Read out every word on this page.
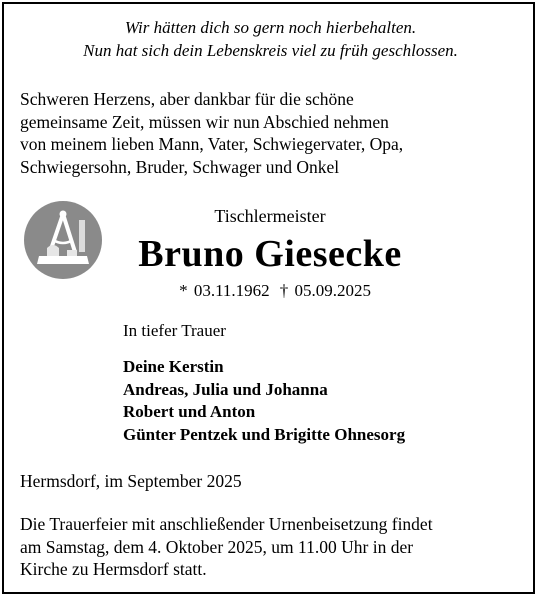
Wir hätten dich so gern noch hierbehalten.
Nun hat sich dein Lebenskreis viel zu früh geschlossen.
Schweren Herzens, aber dankbar für die schöne
gemeinsame Zeit, müssen wir nun Abschied nehmen
von meinem lieben Mann, Vater, Schwiegervater, Opa,
Schwiegersohn, Bruder, Schwager und Onkel
Tischlermeister
Bruno Giesecke
* 03.11.1962 † 05.09.2025
In tiefer Trauer
Deine Kerstin
Andreas, Julia und Johanna
Robert und Anton
Günter Pentzek und Brigitte Ohnesorg
Hermsdorf, im September 2025
Die Trauerfeier mit anschließender Urnenbeisetzung findet
am Samstag, dem 4. Oktober 2025, um 11.00 Uhr in der
Kirche zu Hermsdorf statt.
